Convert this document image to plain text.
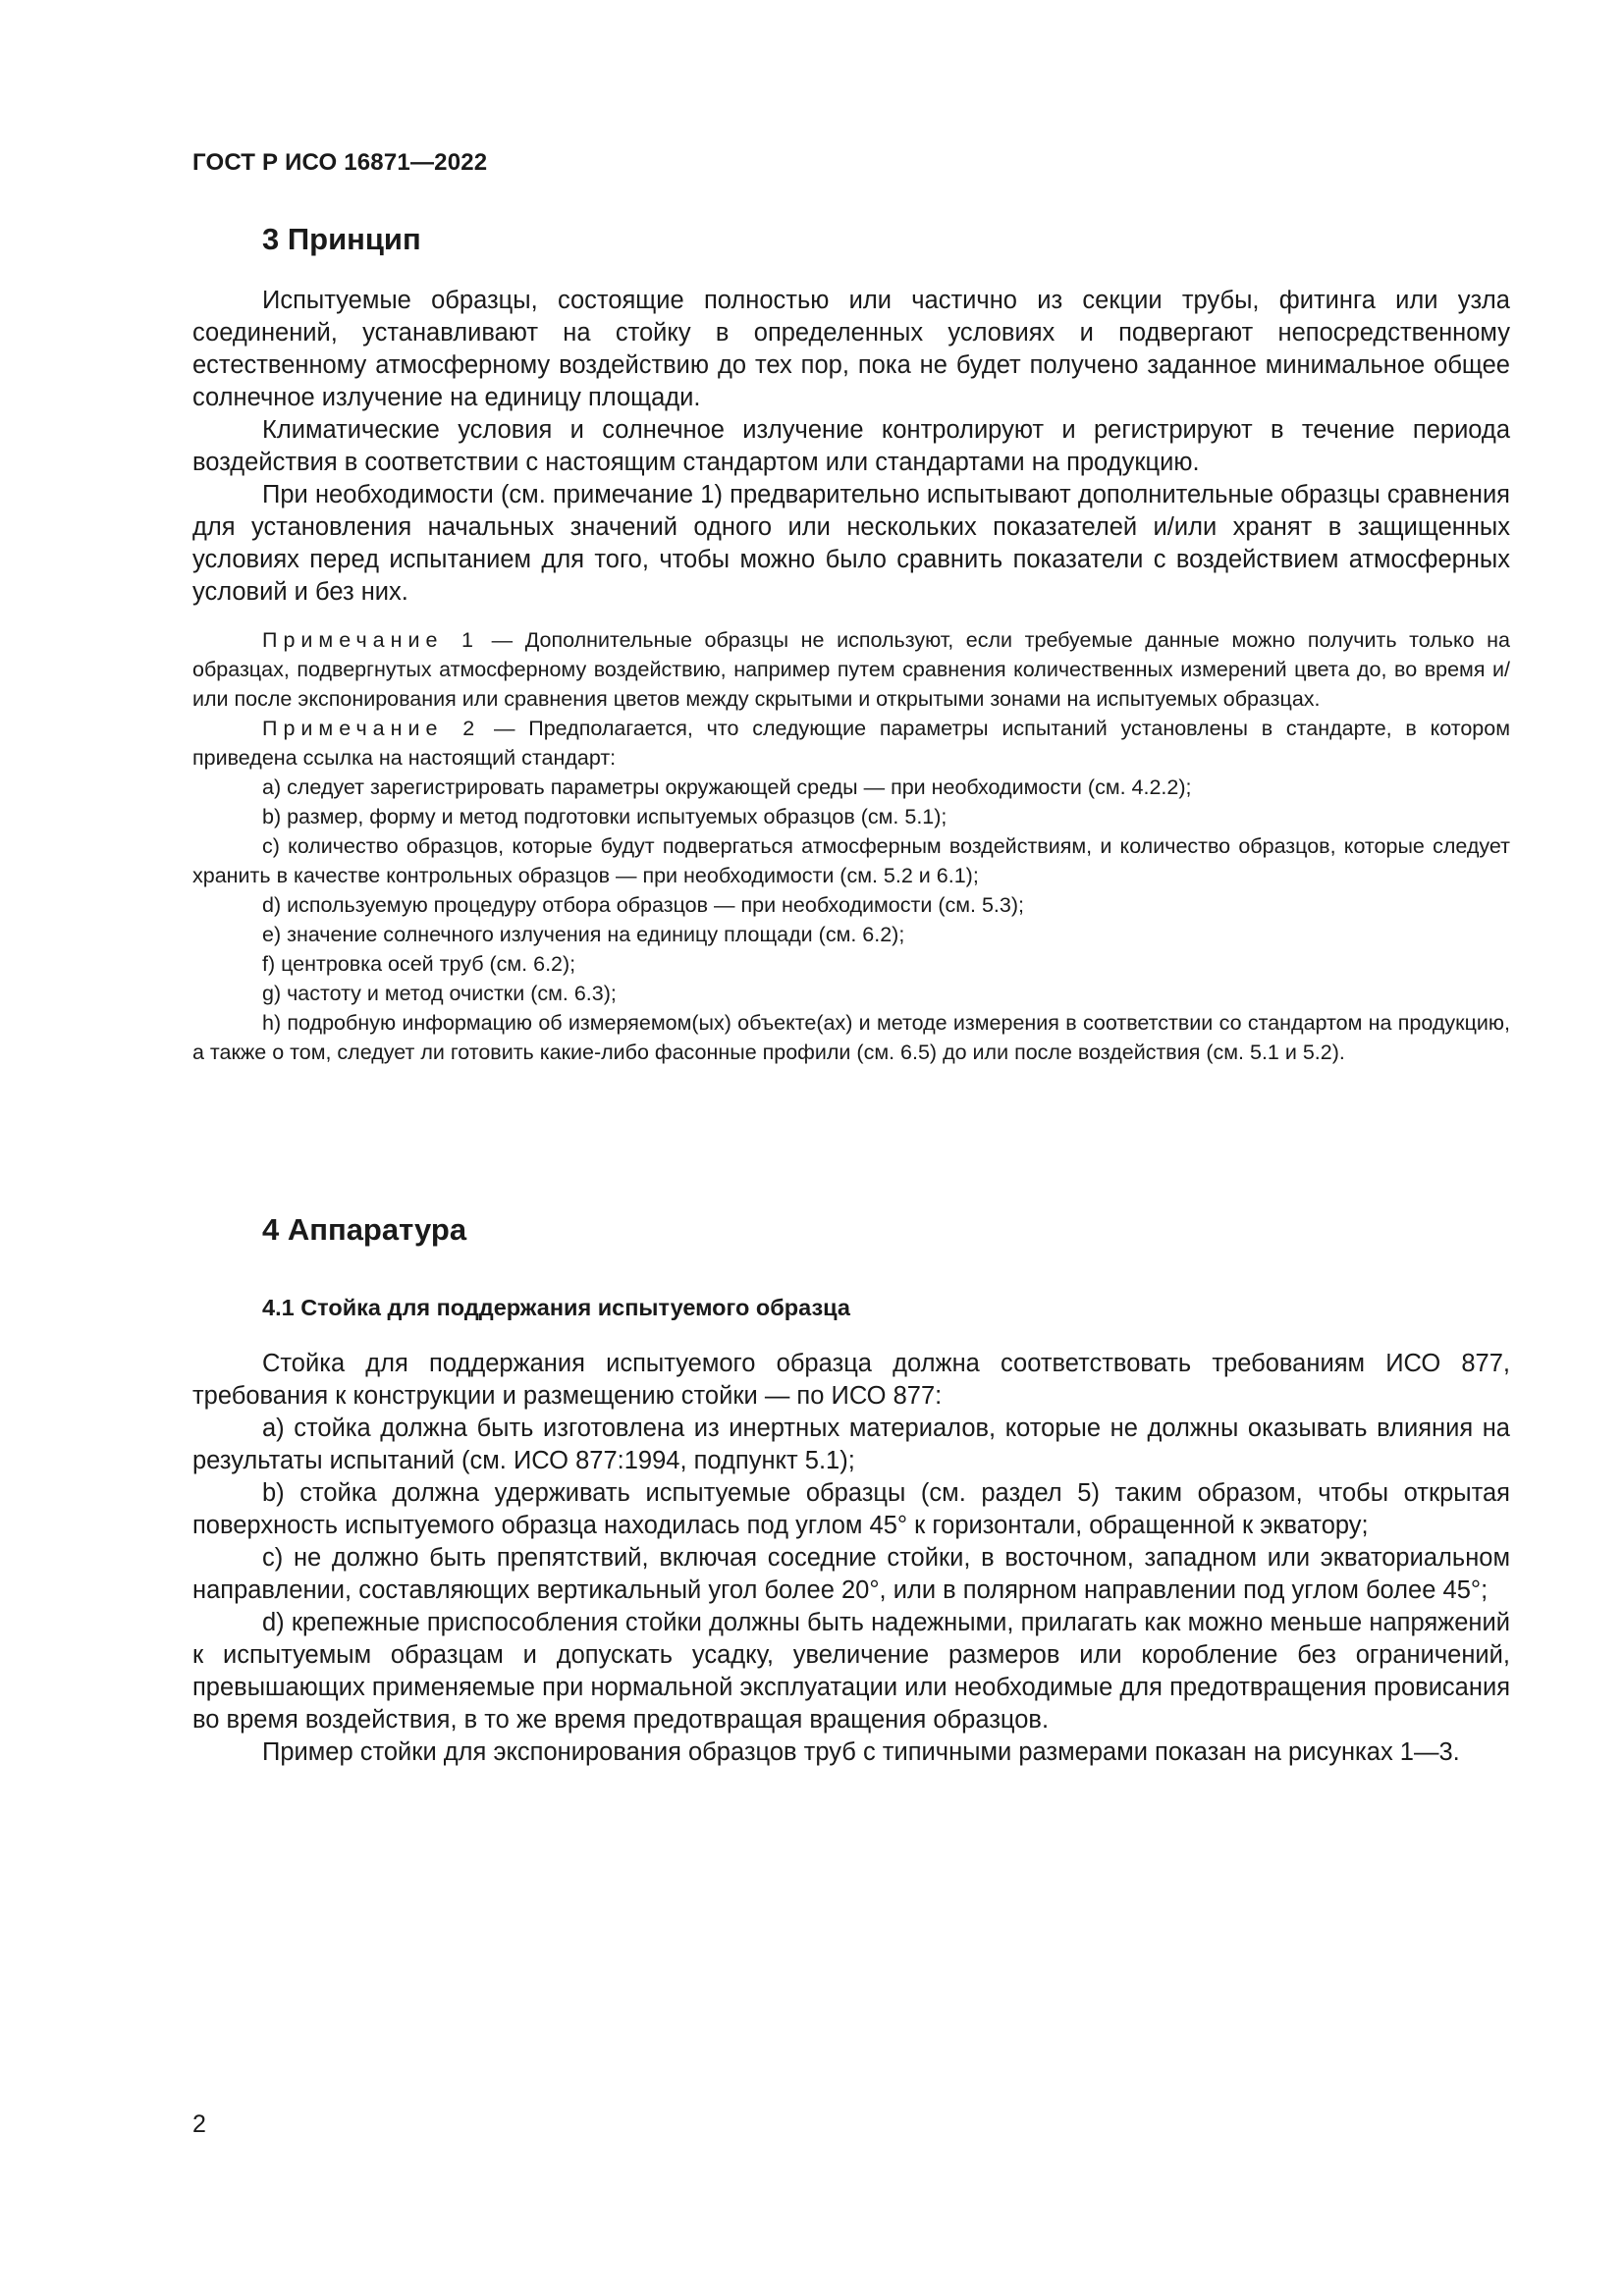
ГОСТ Р ИСО 16871—2022
3 Принцип

Испытуемые образцы, состоящие полностью или частично из секции трубы, фитинга или узла соединений, устанавливают на стойку в определенных условиях и подвергают непосредственному естественному атмосферному воздействию до тех пор, пока не будет получено заданное минимальное общее солнечное излучение на единицу площади.

Климатические условия и солнечное излучение контролируют и регистрируют в течение периода воздействия в соответствии с настоящим стандартом или стандартами на продукцию.

При необходимости (см. примечание 1) предварительно испытывают дополнительные образцы сравнения для установления начальных значений одного или нескольких показателей и/или хранят в защищенных условиях перед испытанием для того, чтобы можно было сравнить показатели с воздействием атмосферных условий и без них.

Примечание 1 — Дополнительные образцы не используют, если требуемые данные можно получить только на образцах, подвергнутых атмосферному воздействию, например путем сравнения количественных измерений цвета до, во время и/или после экспонирования или сравнения цветов между скрытыми и открытыми зонами на испытуемых образцах.

Примечание 2 — Предполагается, что следующие параметры испытаний установлены в стандарте, в котором приведена ссылка на настоящий стандарт:

a) следует зарегистрировать параметры окружающей среды — при необходимости (см. 4.2.2);

b) размер, форму и метод подготовки испытуемых образцов (см. 5.1);

c) количество образцов, которые будут подвергаться атмосферным воздействиям, и количество образцов, которые следует хранить в качестве контрольных образцов — при необходимости (см. 5.2 и 6.1);

d) используемую процедуру отбора образцов — при необходимости (см. 5.3);

e) значение солнечного излучения на единицу площади (см. 6.2);

f) центровка осей труб (см. 6.2);

g) частоту и метод очистки (см. 6.3);

h) подробную информацию об измеряемом(ых) объекте(ах) и методе измерения в соответствии со стандартом на продукцию, а также о том, следует ли готовить какие-либо фасонные профили (см. 6.5) до или после воздействия (см. 5.1 и 5.2).

4 Аппаратура
4.1 Стойка для поддержания испытуемого образца

Стойка для поддержания испытуемого образца должна соответствовать требованиям ИСО 877, требования к конструкции и размещению стойки — по ИСО 877:

a) стойка должна быть изготовлена из инертных материалов, которые не должны оказывать влияния на результаты испытаний (см. ИСО 877:1994, подпункт 5.1);

b) стойка должна удерживать испытуемые образцы (см. раздел 5) таким образом, чтобы открытая поверхность испытуемого образца находилась под углом 45° к горизонтали, обращенной к экватору;

c) не должно быть препятствий, включая соседние стойки, в восточном, западном или экваториальном направлении, составляющих вертикальный угол более 20°, или в полярном направлении под углом более 45°;

d) крепежные приспособления стойки должны быть надежными, прилагать как можно меньше напряжений к испытуемым образцам и допускать усадку, увеличение размеров или коробление без ограничений, превышающих применяемые при нормальной эксплуатации или необходимые для предотвращения провисания во время воздействия, в то же время предотвращая вращения образцов.

Пример стойки для экспонирования образцов труб с типичными размерами показан на рисунках 1—3.

2
